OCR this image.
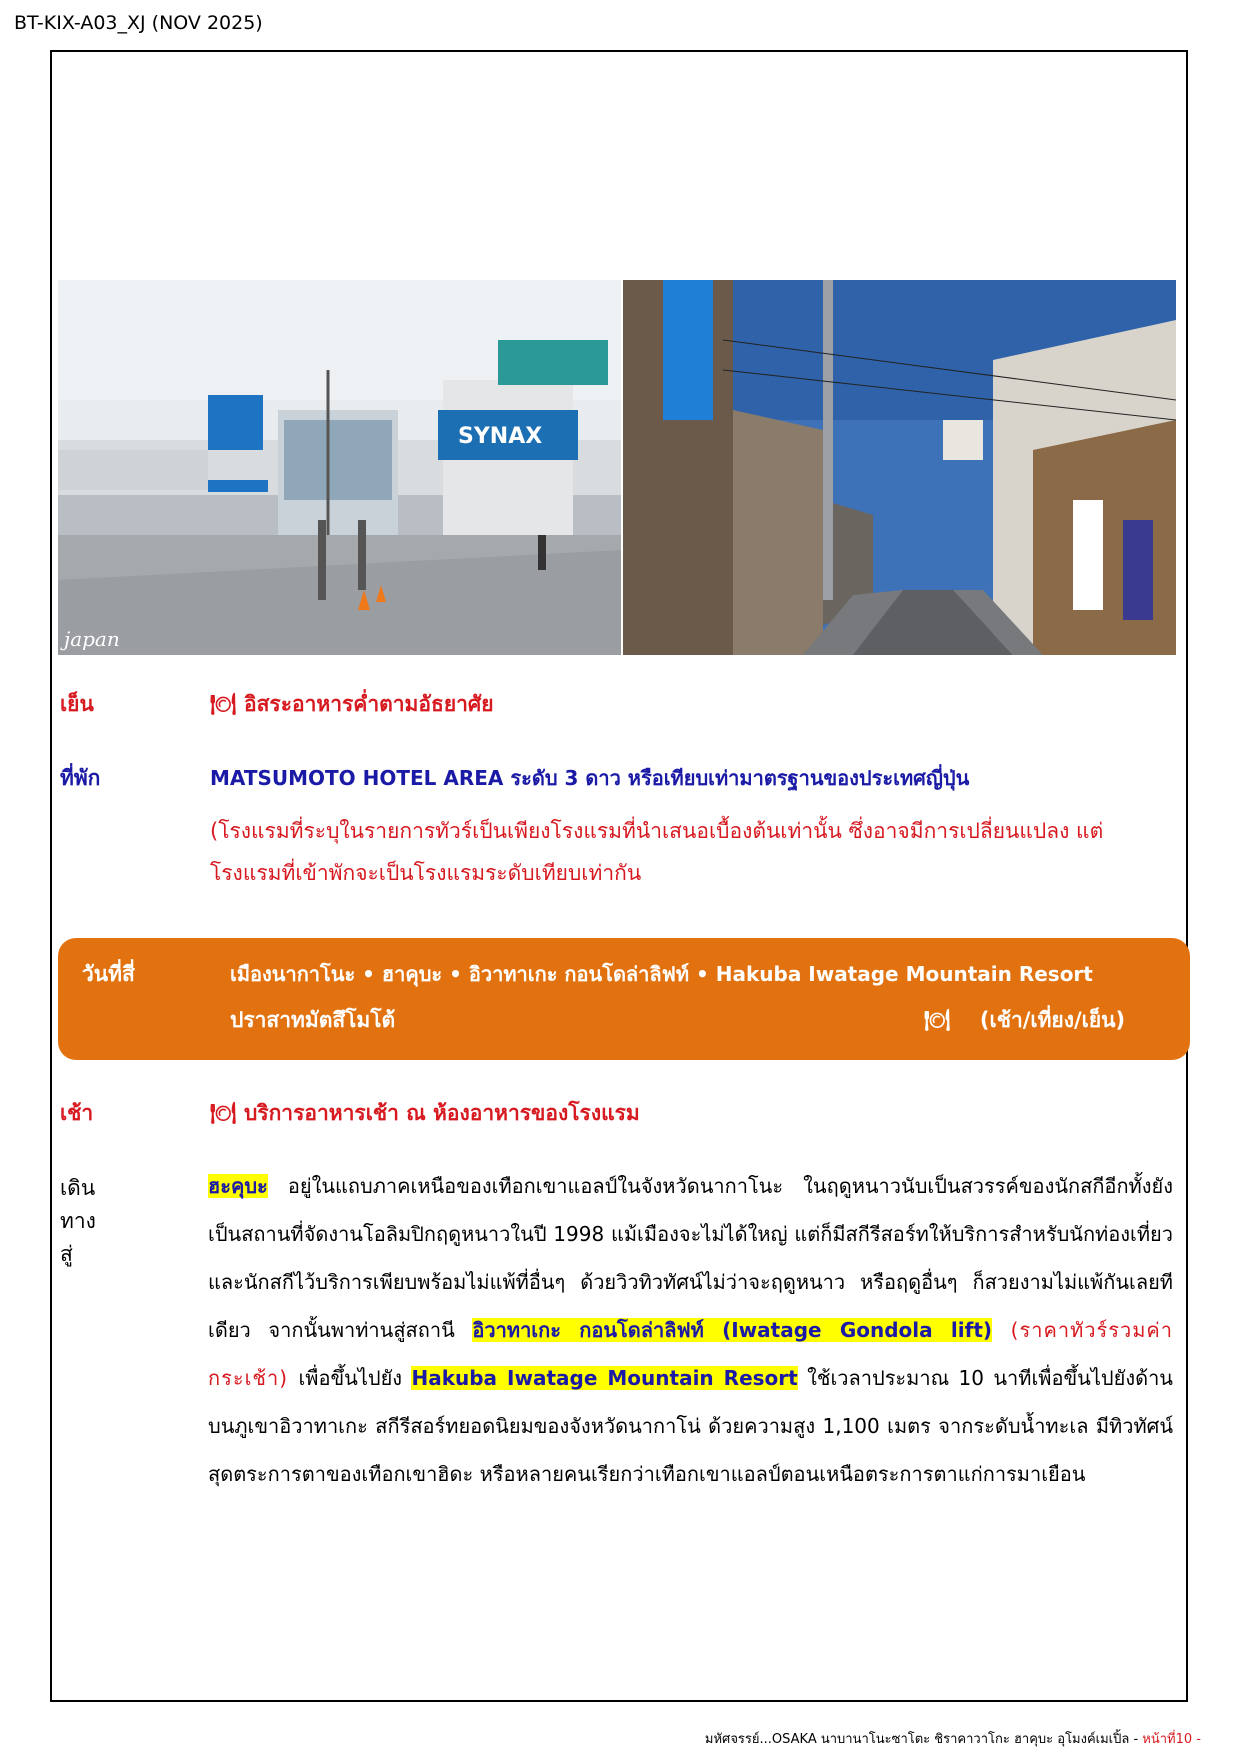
BT-KIX-A03_XJ (NOV 2025)
SYNAX
japan
เย็น	🍽 อิสระอาหารค่ำตามอัธยาศัย
ที่พัก	MATSUMOTO HOTEL AREA ระดับ 3 ดาว หรือเทียบเท่ามาตรฐานของประเทศญี่ปุ่น
(โรงแรมที่ระบุในรายการทัวร์เป็นเพียงโรงแรมที่นำเสนอเบื้องต้นเท่านั้น ซึ่งอาจมีการเปลี่ยนแปลง แต่โรงแรมที่เข้าพักจะเป็นโรงแรมระดับเทียบเท่ากัน
วันที่สี่	เมืองนากาโนะ • ฮาคุบะ • อิวาทาเกะ กอนโดล่าลิฟท์ • Hakuba Iwatage Mountain Resort
ปราสาทมัตสึโมโต้	🍽 (เช้า/เที่ยง/เย็น)
เช้า	🍽 บริการอาหารเช้า ณ ห้องอาหารของโรงแรม
เดินทางสู่
ฮะคุบะ อยู่ในแถบภาคเหนือของเทือกเขาแอลป์ในจังหวัดนากาโนะ ในฤดูหนาวนับเป็นสวรรค์ของนักสกีอีกทั้งยังเป็นสถานที่จัดงานโอลิมปิกฤดูหนาวในปี 1998 แม้เมืองจะไม่ได้ใหญ่ แต่ก็มีสกีรีสอร์ทให้บริการสำหรับนักท่องเที่ยว และนักสกีไว้บริการเพียบพร้อมไม่แพ้ที่อื่นๆ ด้วยวิวทิวทัศน์ไม่ว่าจะฤดูหนาว หรือฤดูอื่นๆ ก็สวยงามไม่แพ้กันเลยทีเดียว จากนั้นพาท่านสู่สถานี อิวาทาเกะ กอนโดล่าลิฟท์ (Iwatage Gondola lift) (ราคาทัวร์รวมค่ากระเช้า) เพื่อขึ้นไปยัง Hakuba Iwatage Mountain Resort ใช้เวลาประมาณ 10 นาทีเพื่อขึ้นไปยังด้านบนภูเขาอิวาทาเกะ สกีรีสอร์ทยอดนิยมของจังหวัดนากาโน่ ด้วยความสูง 1,100 เมตร จากระดับน้ำทะเล มีทิวทัศน์สุดตระการตาของเทือกเขาฮิดะ หรือหลายคนเรียกว่าเทือกเขาแอลป์ตอนเหนือตระการตาแก่การมาเยือน
มหัศจรรย์...OSAKA นาบานาโนะซาโตะ ชิราคาวาโกะ ฮาคุบะ อุโมงค์เมเปิ้ล - หน้าที่10 -
